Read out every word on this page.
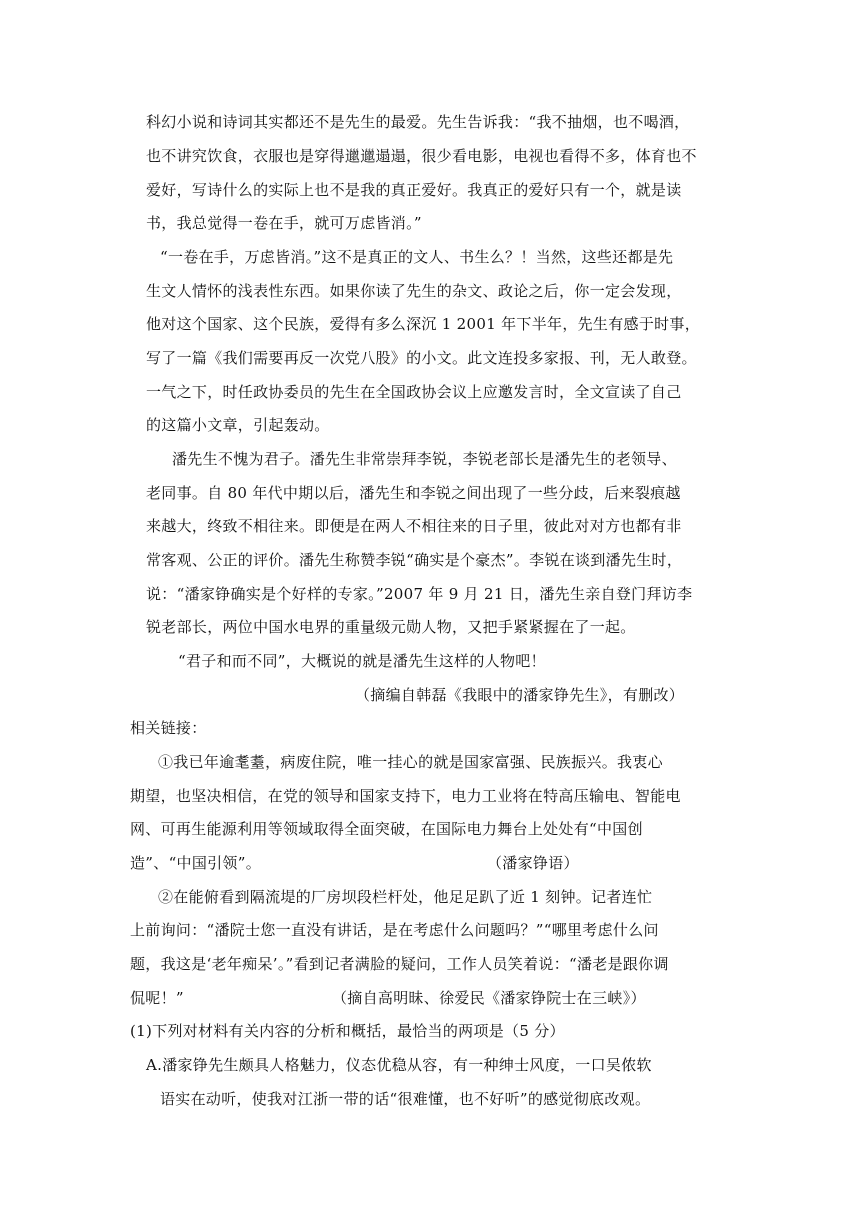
科幻小说和诗词其实都还不是先生的最爱。先生告诉我：“我不抽烟，也不喝酒，
也不讲究饮食，衣服也是穿得邋邋遢遢，很少看电影，电视也看得不多，体育也不
爱好，写诗什么的实际上也不是我的真正爱好。我真正的爱好只有一个，就是读
书，我总觉得一卷在手，就可万虑皆消。”
“一卷在手，万虑皆消。”这不是真正的文人、书生么？！当然，这些还都是先
生文人情怀的浅表性东西。如果你读了先生的杂文、政论之后，你一定会发现，
他对这个国家、这个民族，爱得有多么深沉 1 2001 年下半年，先生有感于时事，
写了一篇《我们需要再反一次党八股》的小文。此文连投多家报、刊，无人敢登。
一气之下，时任政协委员的先生在全国政协会议上应邀发言时，全文宣读了自己
的这篇小文章，引起轰动。
潘先生不愧为君子。潘先生非常崇拜李锐，李锐老部长是潘先生的老领导、
老同事。自 80 年代中期以后，潘先生和李锐之间出现了一些分歧，后来裂痕越
来越大，终致不相往来。即便是在两人不相往来的日子里，彼此对对方也都有非
常客观、公正的评价。潘先生称赞李锐“确实是个豪杰”。李锐在谈到潘先生时，
说：“潘家铮确实是个好样的专家。”2007 年 9 月 21 日，潘先生亲自登门拜访李
锐老部长，两位中国水电界的重量级元勋人物，又把手紧紧握在了一起。
“君子和而不同”，大概说的就是潘先生这样的人物吧！
（摘编自韩磊《我眼中的潘家铮先生》，有删改）
相关链接：
①我已年逾耄耋，病废住院，唯一挂心的就是国家富强、民族振兴。我衷心
期望，也坚决相信，在党的领导和国家支持下，电力工业将在特高压输电、智能电
网、可再生能源利用等领域取得全面突破，在国际电力舞台上处处有“中国创
造”、“中国引领”。	（潘家铮语）
②在能俯看到隔流堤的厂房坝段栏杆处，他足足趴了近 1 刻钟。记者连忙
上前询问：“潘院士您一直没有讲话，是在考虑什么问题吗？”“哪里考虑什么问
题，我这是‘老年痴呆’。”看到记者满脸的疑问，工作人员笑着说：“潘老是跟你调
侃呢！”	（摘自高明昧、徐爱民《潘家铮院士在三峡》）
(1)下列对材料有关内容的分析和概括，最恰当的两项是（5 分）
A.潘家铮先生颇具人格魅力，仪态优稳从容，有一种绅士风度，一口吴侬软
语实在动听，使我对江浙一带的话“很难懂，也不好听”的感觉彻底改观。
